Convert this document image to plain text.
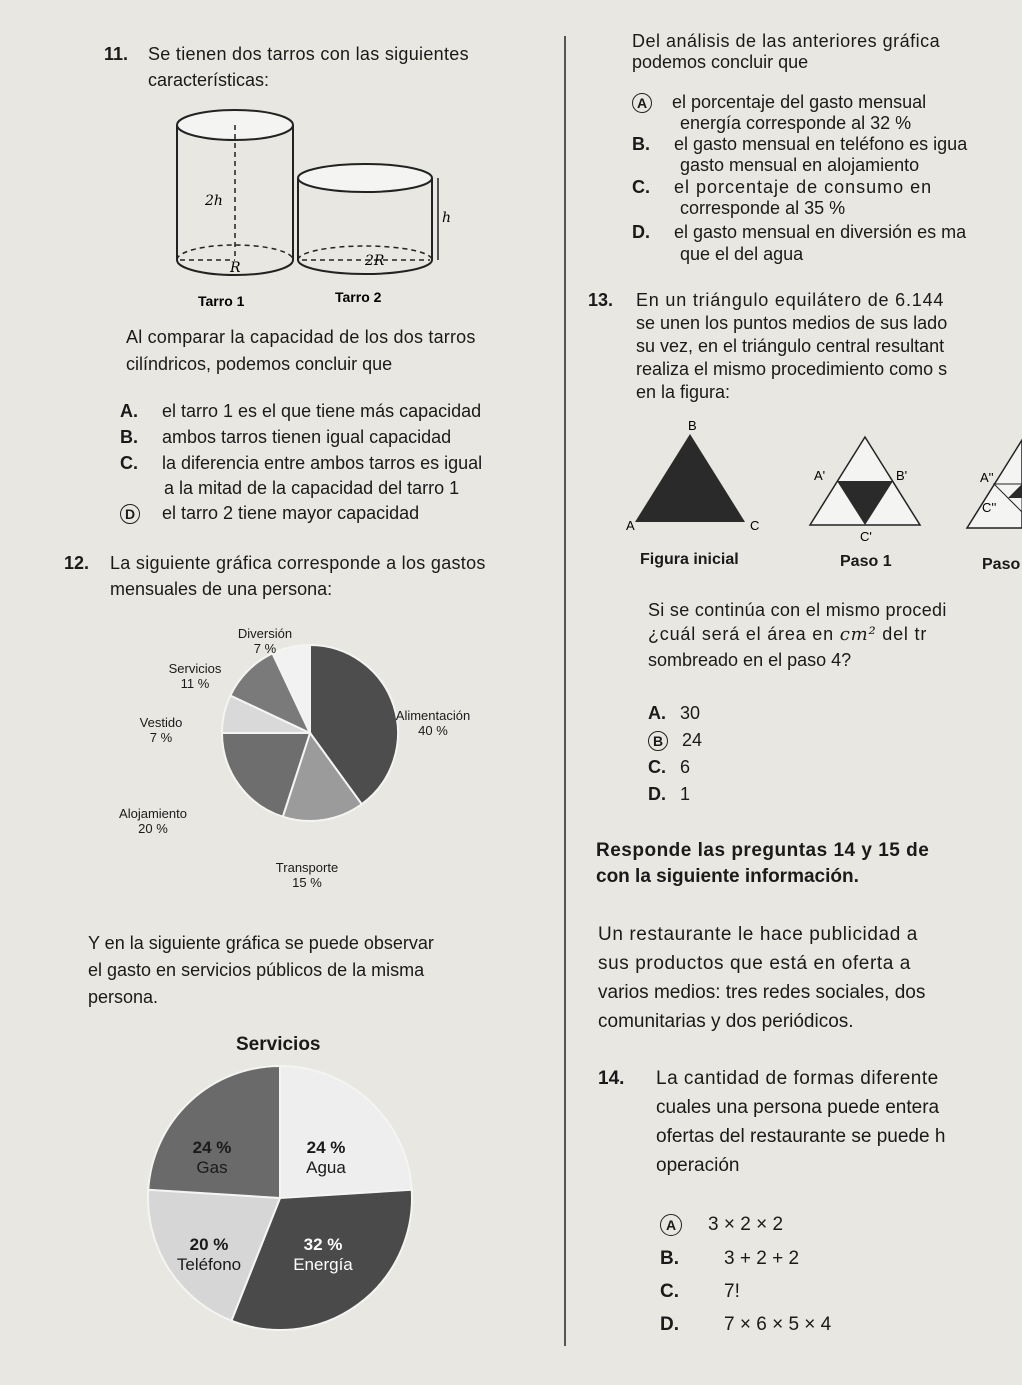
11. Se tienen dos tarros con las siguientes
características:
2h
h
R	2R
Tarro 1	Tarro 2
Al comparar la capacidad de los dos tarros
cilíndricos, podemos concluir que
A. el tarro 1 es el que tiene más capacidad
B. ambos tarros tienen igual capacidad
C. la diferencia entre ambos tarros es igual
a la mitad de la capacidad del tarro 1
D el tarro 2 tiene mayor capacidad
12. La siguiente gráfica corresponde a los gastos
mensuales de una persona:
Diversión
7 %
Servicios
11 %
Vestido
7 %
Alimentación
40 %
Alojamiento
20 %
Transporte
15 %
Y en la siguiente gráfica se puede observar
el gasto en servicios públicos de la misma
persona.
Servicios
24 %
Gas
24 %
Agua
20 %
Teléfono
32 %
Energía
Del análisis de las anteriores gráfica
podemos concluir que
A el porcentaje del gasto mensual
energía corresponde al 32 %
B. el gasto mensual en teléfono es igua
gasto mensual en alojamiento
C. el porcentaje de consumo en
corresponde al 35 %
D. el gasto mensual en diversión es ma
que el del agua
13. En un triángulo equilátero de 6.144
se unen los puntos medios de sus lado
su vez, en el triángulo central resultant
realiza el mismo procedimiento como s
en la figura:
B
A	C
A'	B'
C'
A''
C''
Figura inicial	Paso 1	Paso
Si se continúa con el mismo procedi
¿cuál será el área en cm² del tr
sombreado en el paso 4?
A. 30
B 24
C. 6
D. 1
Responde las preguntas 14 y 15 de
con la siguiente información.
Un restaurante le hace publicidad a
sus productos que está en oferta a
varios medios: tres redes sociales, dos
comunitarias y dos periódicos.
14. La cantidad de formas diferente
cuales una persona puede entera
ofertas del restaurante se puede h
operación
A 3 × 2 × 2
B. 3 + 2 + 2
C. 7!
D. 7 × 6 × 5 × 4
